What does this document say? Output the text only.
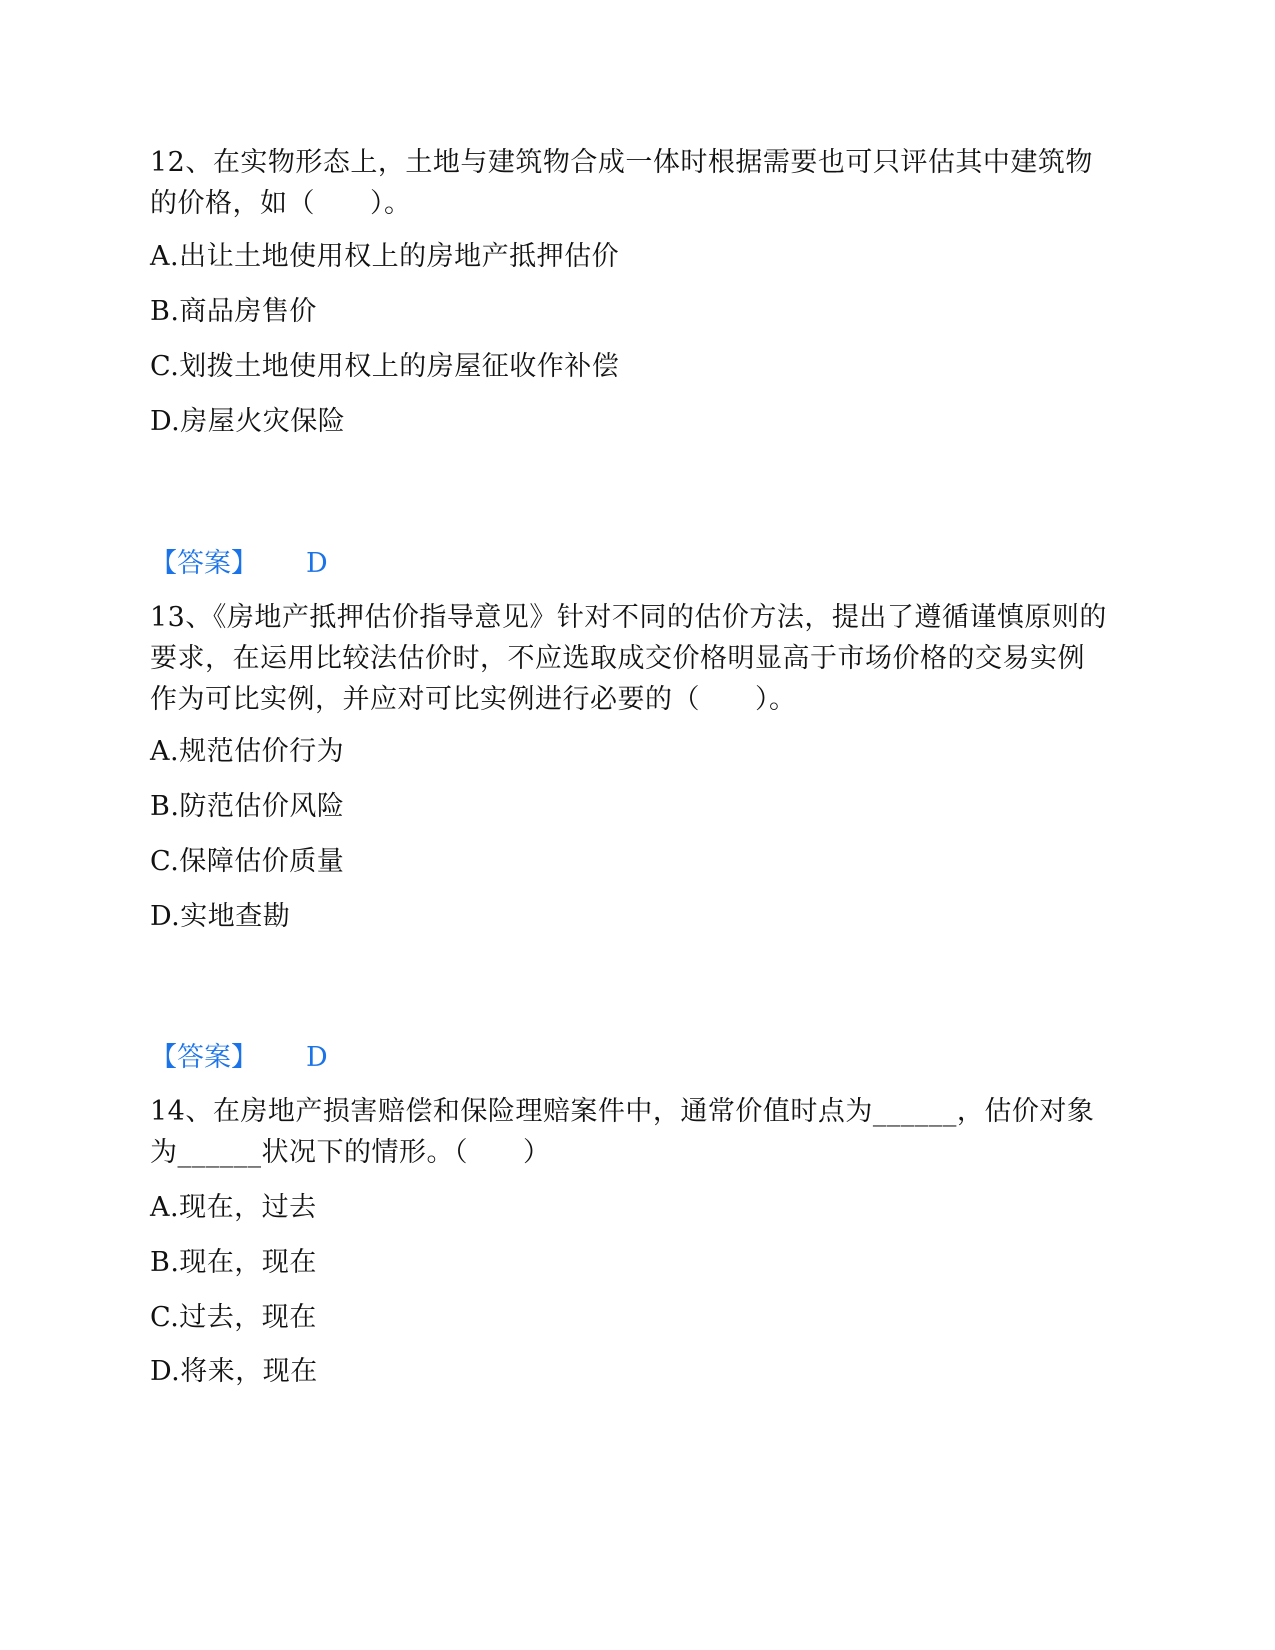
12、在实物形态上，土地与建筑物合成一体时根据需要也可只评估其中建筑物的价格，如（　　）。

A.出让土地使用权上的房地产抵押估价

B.商品房售价

C.划拨土地使用权上的房屋征收作补偿

D.房屋火灾保险

【答案】 D

13、《房地产抵押估价指导意见》针对不同的估价方法，提出了遵循谨慎原则的要求，在运用比较法估价时，不应选取成交价格明显高于市场价格的交易实例作为可比实例，并应对可比实例进行必要的（　　）。

A.规范估价行为

B.防范估价风险

C.保障估价质量

D.实地查勘

【答案】 D

14、在房地产损害赔偿和保险理赔案件中，通常价值时点为______，估价对象为______状况下的情形。（　　）

A.现在，过去

B.现在，现在

C.过去，现在

D.将来，现在
